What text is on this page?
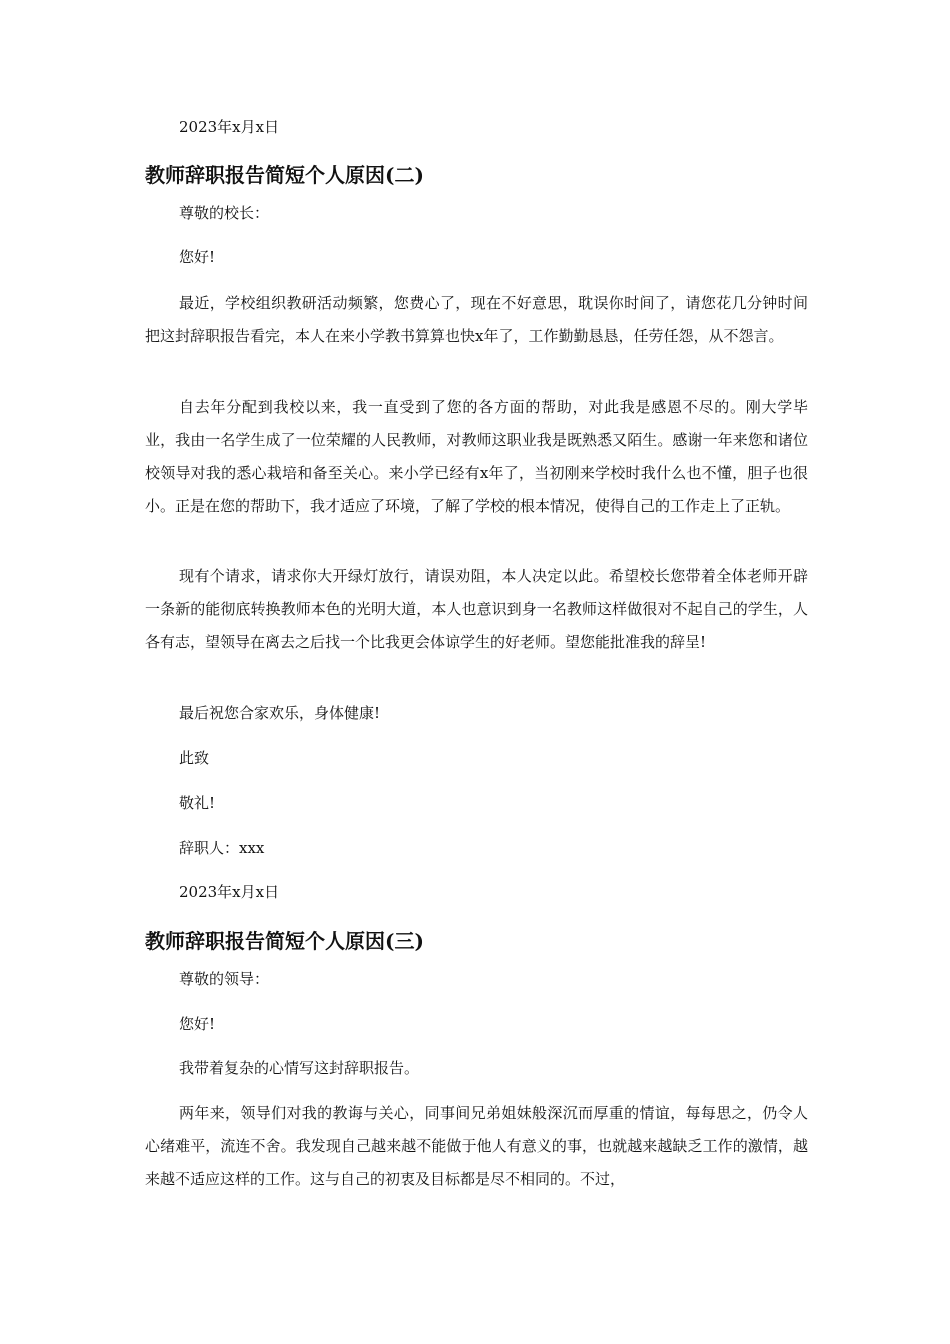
2023年x月x日
教师辞职报告简短个人原因(二)
尊敬的校长：
您好!
最近，学校组织教研活动频繁，您费心了，现在不好意思，耽误你时间了，请您花几分钟时间把这封辞职报告看完，本人在来小学教书算算也快x年了，工作勤勤恳恳，任劳任怨，从不怨言。
自去年分配到我校以来，我一直受到了您的各方面的帮助，对此我是感恩不尽的。刚大学毕业，我由一名学生成了一位荣耀的人民教师，对教师这职业我是既熟悉又陌生。感谢一年来您和诸位校领导对我的悉心栽培和备至关心。来小学已经有x年了，当初刚来学校时我什么也不懂，胆子也很小。正是在您的帮助下，我才适应了环境，了解了学校的根本情况，使得自己的工作走上了正轨。
现有个请求，请求你大开绿灯放行，请误劝阻，本人决定以此。希望校长您带着全体老师开辟一条新的能彻底转换教师本色的光明大道，本人也意识到身一名教师这样做很对不起自己的学生，人各有志，望领导在离去之后找一个比我更会体谅学生的好老师。望您能批准我的辞呈!
最后祝您合家欢乐，身体健康!
此致
敬礼!
辞职人：xxx
2023年x月x日
教师辞职报告简短个人原因(三)
尊敬的领导：
您好!
我带着复杂的心情写这封辞职报告。
两年来，领导们对我的教诲与关心，同事间兄弟姐妹般深沉而厚重的情谊，每每思之，仍令人心绪难平，流连不舍。我发现自己越来越不能做于他人有意义的事，也就越来越缺乏工作的激情，越来越不适应这样的工作。这与自己的初衷及目标都是尽不相同的。不过，
